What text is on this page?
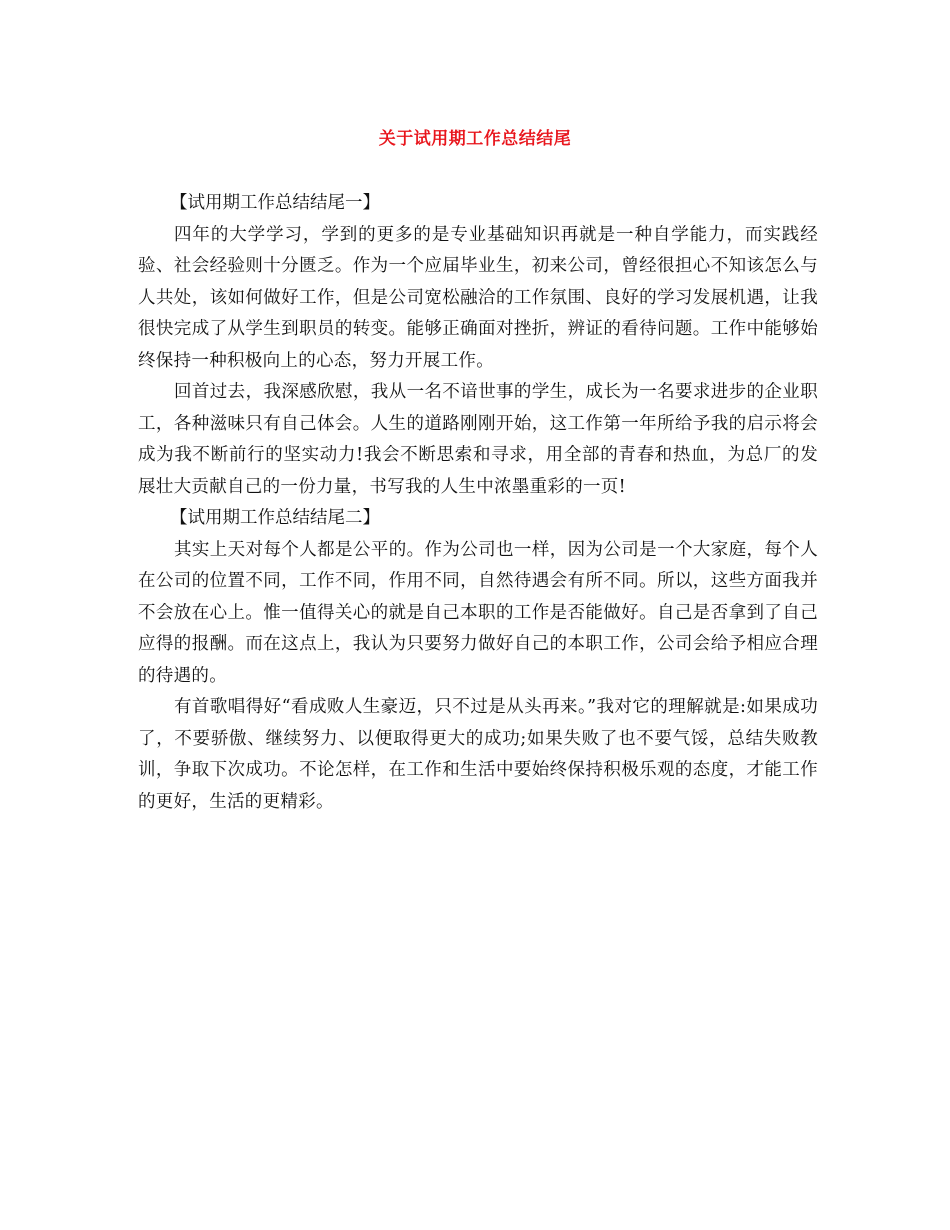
关于试用期工作总结结尾

【试用期工作总结结尾一】

四年的大学学习，学到的更多的是专业基础知识再就是一种自学能力，而实践经验、社会经验则十分匮乏。作为一个应届毕业生，初来公司，曾经很担心不知该怎么与人共处，该如何做好工作，但是公司宽松融洽的工作氛围、良好的学习发展机遇，让我很快完成了从学生到职员的转变。能够正确面对挫折，辨证的看待问题。工作中能够始终保持一种积极向上的心态，努力开展工作。

回首过去，我深感欣慰，我从一名不谙世事的学生，成长为一名要求进步的企业职工，各种滋味只有自己体会。人生的道路刚刚开始，这工作第一年所给予我的启示将会成为我不断前行的坚实动力!我会不断思索和寻求，用全部的青春和热血，为总厂的发展壮大贡献自己的一份力量，书写我的人生中浓墨重彩的一页!

【试用期工作总结结尾二】

其实上天对每个人都是公平的。作为公司也一样，因为公司是一个大家庭，每个人在公司的位置不同，工作不同，作用不同，自然待遇会有所不同。所以，这些方面我并不会放在心上。惟一值得关心的就是自己本职的工作是否能做好。自己是否拿到了自己应得的报酬。而在这点上，我认为只要努力做好自己的本职工作，公司会给予相应合理的待遇的。

有首歌唱得好“看成败人生豪迈，只不过是从头再来。”我对它的理解就是:如果成功了，不要骄傲、继续努力、以便取得更大的成功;如果失败了也不要气馁，总结失败教训，争取下次成功。不论怎样，在工作和生活中要始终保持积极乐观的态度，才能工作的更好，生活的更精彩。
